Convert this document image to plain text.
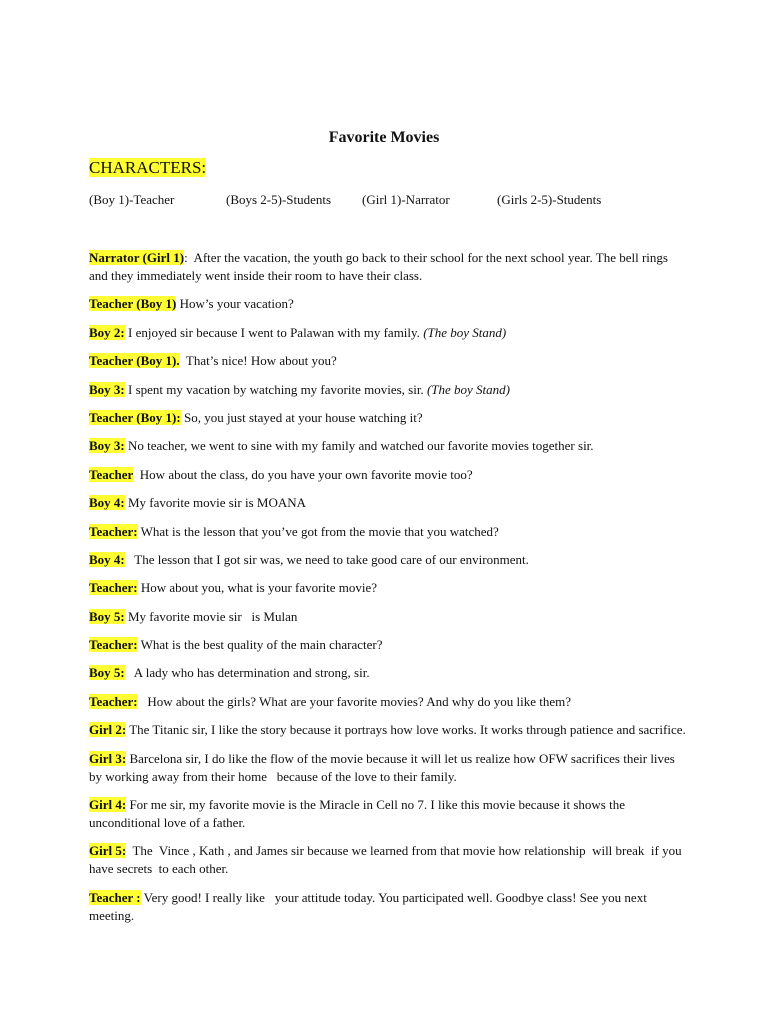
Favorite Movies
CHARACTERS:
(Boy 1)-Teacher	(Boys 2-5)-Students (Girl 1)-Narrator	(Girls 2-5)-Students

Narrator (Girl 1):  After the vacation, the youth go back to their school for the next school year. The bell rings and they immediately went inside their room to have their class.

Teacher (Boy 1) How’s your vacation?

Boy 2: I enjoyed sir because I went to Palawan with my family. (The boy Stand)

Teacher (Boy 1). That’s nice! How about you?

Boy 3: I spent my vacation by watching my favorite movies, sir. (The boy Stand)

Teacher (Boy 1): So, you just stayed at your house watching it?

Boy 3: No teacher, we went to sine with my family and watched our favorite movies together sir.

Teacher How about the class, do you have your own favorite movie too?

Boy 4: My favorite movie sir is MOANA

Teacher: What is the lesson that you’ve got from the movie that you watched?

Boy 4: The lesson that I got sir was, we need to take good care of our environment.

Teacher: How about you, what is your favorite movie?

Boy 5: My favorite movie sir   is Mulan

Teacher: What is the best quality of the main character?

Boy 5: A lady who has determination and strong, sir.

Teacher: How about the girls? What are your favorite movies? And why do you like them?

Girl 2: The Titanic sir, I like the story because it portrays how love works. It works through patience and sacrifice.

Girl 3: Barcelona sir, I do like the flow of the movie because it will let us realize how OFW sacrifices their lives by working away from their home   because of the love to their family.

Girl 4: For me sir, my favorite movie is the Miracle in Cell no 7. I like this movie because it shows the unconditional love of a father.

Girl 5: The  Vince , Kath , and James sir because we learned from that movie how relationship  will break  if you have secrets  to each other.

Teacher : Very good! I really like   your attitude today. You participated well. Goodbye class! See you next meeting.
